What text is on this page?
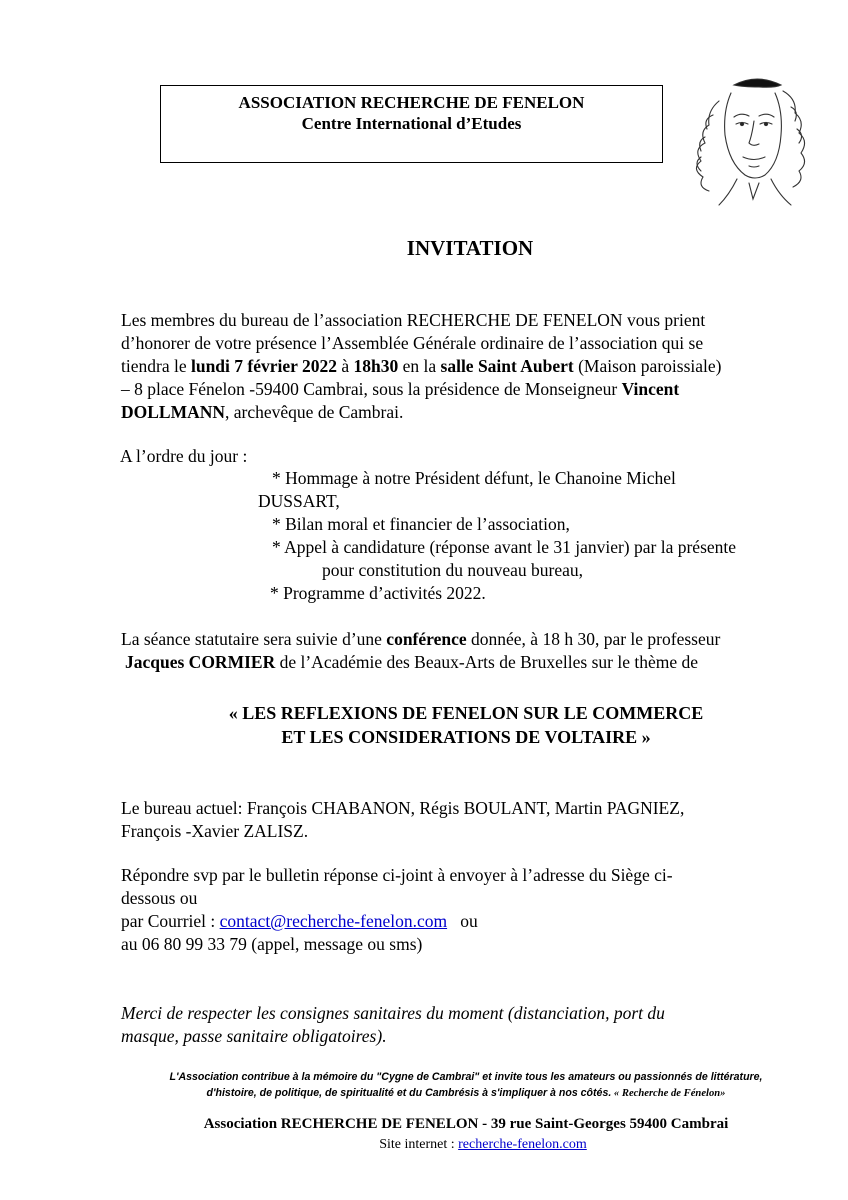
ASSOCIATION RECHERCHE DE FENELON
Centre International d’Etudes
INVITATION
Les membres du bureau de l’association RECHERCHE DE FENELON vous prient
d’honorer de votre présence l’Assemblée Générale ordinaire de l’association qui se
tiendra le lundi 7 février 2022 à 18h30 en la salle Saint Aubert (Maison paroissiale)
– 8 place Fénelon -59400 Cambrai, sous la présidence de Monseigneur Vincent
DOLLMANN, archevêque de Cambrai.
A l’ordre du jour :
* Hommage à notre Président défunt, le Chanoine Michel
DUSSART,
* Bilan moral et financier de l’association,
* Appel à candidature (réponse avant le 31 janvier) par la présente
pour constitution du nouveau bureau,
* Programme d’activités 2022.
La séance statutaire sera suivie d’une conférence donnée, à 18 h 30, par le professeur
Jacques CORMIER de l’Académie des Beaux-Arts de Bruxelles sur le thème de
« LES REFLEXIONS DE FENELON SUR LE COMMERCE
ET LES CONSIDERATIONS DE VOLTAIRE »
Le bureau actuel: François CHABANON, Régis BOULANT, Martin PAGNIEZ,
François -Xavier ZALISZ.
Répondre svp par le bulletin réponse ci-joint à envoyer à l’adresse du Siège ci-
dessous ou
par Courriel : contact@recherche-fenelon.com   ou
au 06 80 99 33 79 (appel, message ou sms)
Merci de respecter les consignes sanitaires du moment (distanciation, port du
masque, passe sanitaire obligatoires).
L'Association contribue à la mémoire du "Cygne de Cambrai" et invite tous les amateurs ou passionnés de littérature,
d'histoire, de politique, de spiritualité et du Cambrésis à s'impliquer à nos côtés. « Recherche de Fénelon»
Association RECHERCHE DE FENELON - 39 rue Saint-Georges 59400 Cambrai
Site internet : recherche-fenelon.com
